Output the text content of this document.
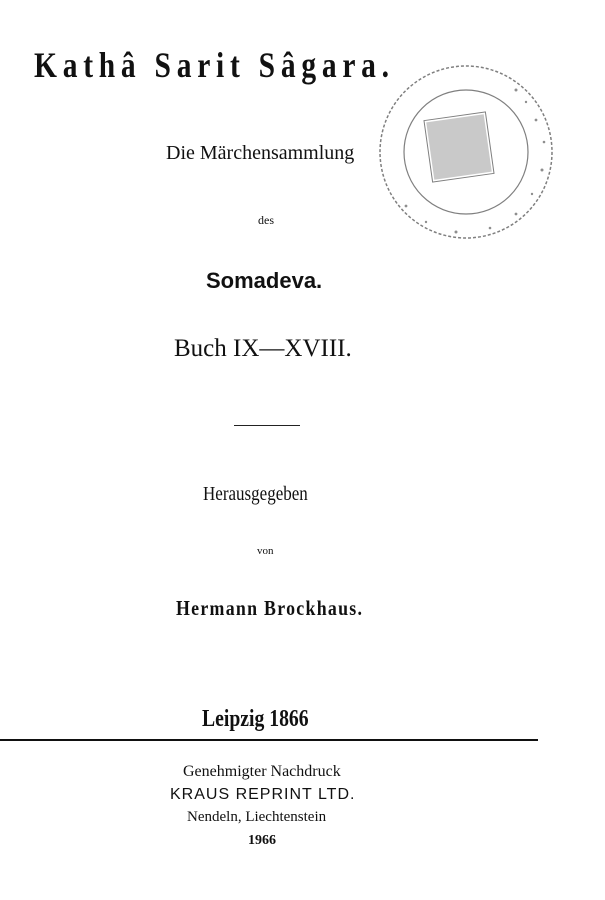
Kathâ Sarit Sâgara.
Die Märchensammlung
des
Somadeva.
Buch IX—XVIII.
Herausgegeben
von
Hermann Brockhaus.
Leipzig 1866
Genehmigter Nachdruck
KRAUS REPRINT LTD.
Nendeln, Liechtenstein
1966
